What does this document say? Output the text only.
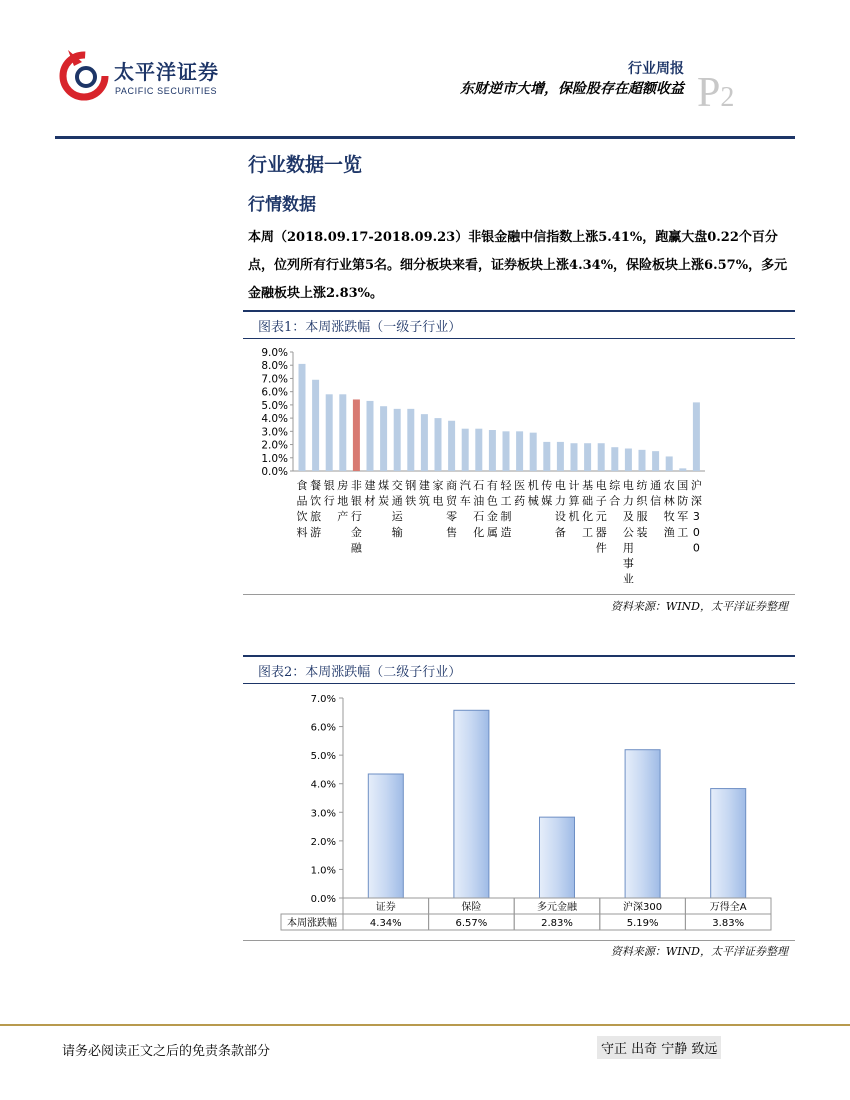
太平洋证券
PACIFIC SECURITIES
行业周报
东财逆市大增，保险股存在超额收益 P2
行业数据一览
行情数据
本周（2018.09.17-2018.09.23）非银金融中信指数上涨5.41%，跑赢大盘0.22个百分点，位列所有行业第5名。细分板块来看，证券板块上涨4.34%，保险板块上涨6.57%，多元金融板块上涨2.83%。
图表1：本周涨跌幅（一级子行业）
0.0%
1.0%
2.0%
3.0%
4.0%
5.0%
6.0%
7.0%
8.0%
9.0%
食
品
饮
料
餐
饮
旅
游
银
行
房
地
产
非
银
行
金
融
建
材
煤
炭
交
通
运
输
钢
铁
建
筑
家
电
商
贸
零
售
汽
车
石
油
石
化
有
色
金
属
轻
工
制
造
医
药
机
械
传
媒
电
力
设
备
计
算
机
基
础
化
工
电
子
元
器
件
综
合
电
力
及
公
用
事
业
纺
织
服
装
通
信
农
林
牧
渔
国
防
军
工
沪
深
3
0
0
资料来源：WIND，太平洋证券整理
图表2：本周涨跌幅（二级子行业）
0.0%
1.0%
2.0%
3.0%
4.0%
5.0%
6.0%
7.0%
本周涨跌幅
证券
4.34%
保险
6.57%
多元金融
2.83%
沪深300
5.19%
万得全A
3.83%
资料来源：WIND，太平洋证券整理
请务必阅读正文之后的免责条款部分	守正 出奇 宁静 致远
